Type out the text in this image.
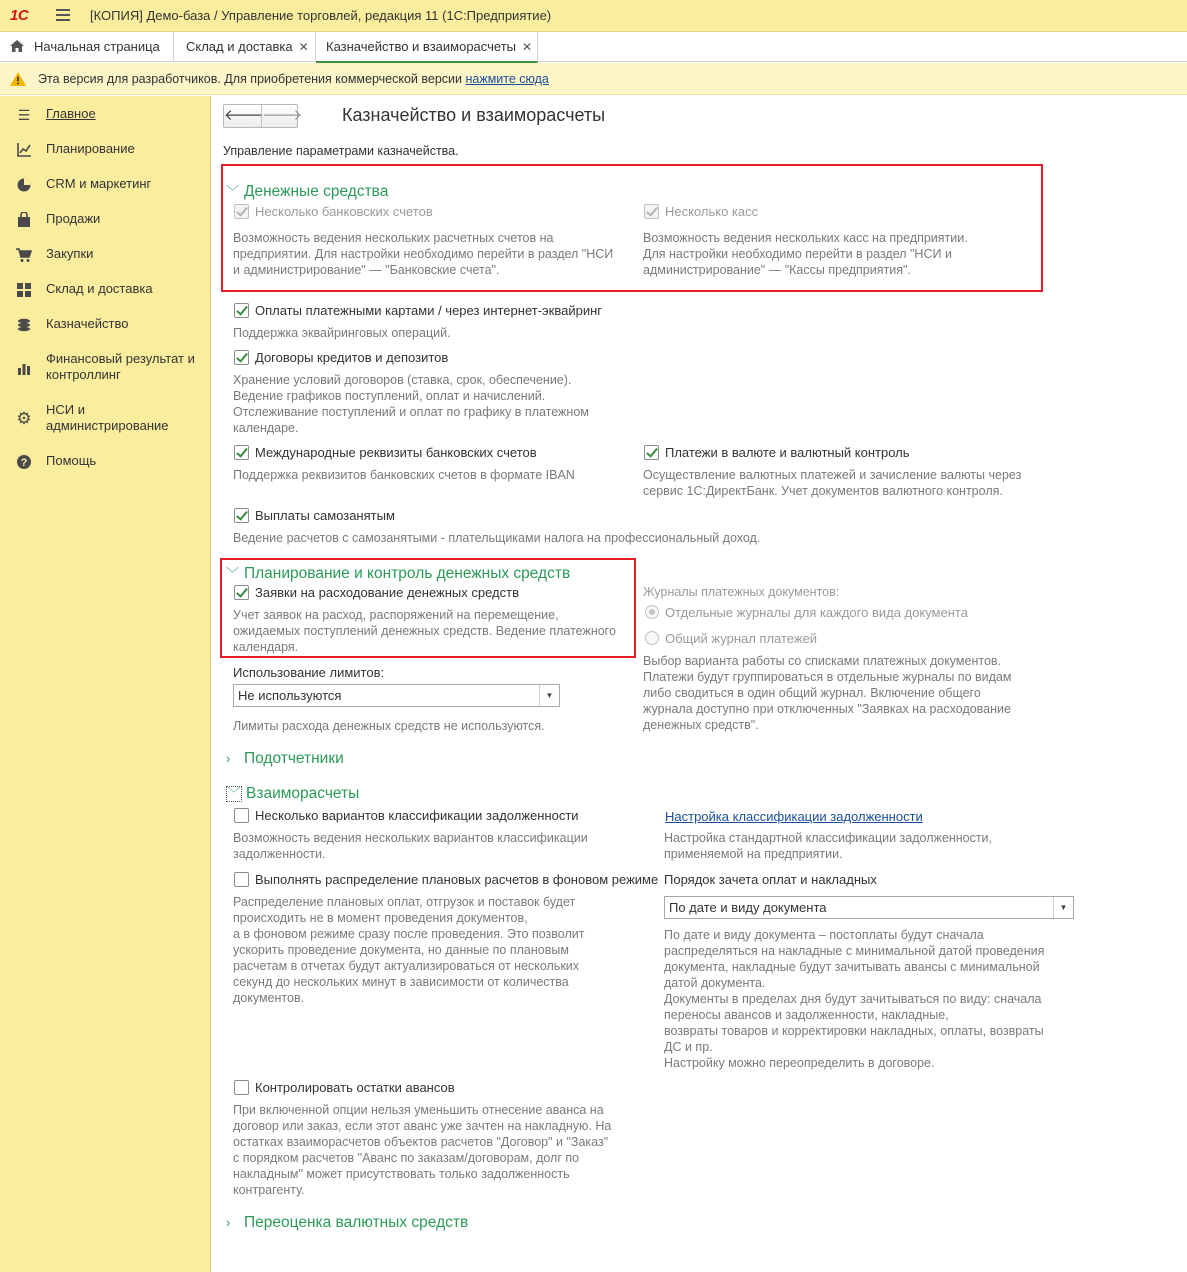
1С	[КОПИЯ] Демо-база / Управление торговлей, редакция 11 (1С:Предприятие)
Начальная страница	Склад и доставка ✕	Казначейство и взаиморасчеты ✕
Эта версия для разработчиков. Для приобретения коммерческой версии нажмите сюда
☰ Главное
Планирование
CRM и маркетинг
Продажи
Закупки
Склад и доставка
Казначейство
Финансовый результат и контроллинг
⚙ НСИ и администрирование
? Помощь
🡐
🡒 Казначейство и взаиморасчеты
Управление параметрами казначейства.
﹀ Денежные средства
Несколько банковских счетов
Возможность ведения нескольких расчетных счетов на
предприятии. Для настройки необходимо перейти в раздел "НСИ
и администрирование" — "Банковские счета".
Несколько касс
Возможность ведения нескольких касс на предприятии.
Для настройки необходимо перейти в раздел "НСИ и
администрирование" — "Кассы предприятия".
Оплаты платежными картами / через интернет-эквайринг
Поддержка эквайринговых операций.
Договоры кредитов и депозитов
Хранение условий договоров (ставка, срок, обеспечение).
Ведение графиков поступлений, оплат и начислений.
Отслеживание поступлений и оплат по графику в платежном
календаре.
Международные реквизиты банковских счетов
Поддержка реквизитов банковских счетов в формате IBAN
Платежи в валюте и валютный контроль
Осуществление валютных платежей и зачисление валюты через
сервис 1С:ДиректБанк. Учет документов валютного контроля.
Выплаты самозанятым
Ведение расчетов с самозанятыми - плательщиками налога на профессиональный доход.
﹀ Планирование и контроль денежных средств
Заявки на расходование денежных средств
Учет заявок на расход, распоряжений на перемещение,
ожидаемых поступлений денежных средств. Ведение платежного
календаря.
Журналы платежных документов:
Отдельные журналы для каждого вида документа
Общий журнал платежей
Выбор варианта работы со списками платежных документов.
Платежи будут группироваться в отдельные журналы по видам
либо сводиться в один общий журнал. Включение общего
журнала доступно при отключенных "Заявках на расходование
денежных средств".
Использование лимитов:
Не используются	▼
Лимиты расхода денежных средств не используются.
› Подотчетники
﹀ Взаиморасчеты
Несколько вариантов классификации задолженности
Возможность ведения нескольких вариантов классификации
задолженности.
Настройка классификации задолженности
Настройка стандартной классификации задолженности,
применяемой на предприятии.
Выполнять распределение плановых расчетов в фоновом режиме
Распределение плановых оплат, отгрузок и поставок будет
происходить не в момент проведения документов,
а в фоновом режиме сразу после проведения. Это позволит
ускорить проведение документа, но данные по плановым
расчетам в отчетах будут актуализироваться от нескольких
секунд до нескольких минут в зависимости от количества
документов.
Порядок зачета оплат и накладных
По дате и виду документа	▼
По дате и виду документа – постоплаты будут сначала
распределяться на накладные с минимальной датой проведения
документа, накладные будут зачитывать авансы с минимальной
датой документа.
Документы в пределах дня будут зачитываться по виду: сначала
переносы авансов и задолженности, накладные,
возвраты товаров и корректировки накладных, оплаты, возвраты
ДС и пр.
Настройку можно переопределить в договоре.
Контролировать остатки авансов
При включенной опции нельзя уменьшить отнесение аванса на
договор или заказ, если этот аванс уже зачтен на накладную. На
остатках взаиморасчетов объектов расчетов "Договор" и "Заказ"
с порядком расчетов "Аванс по заказам/договорам, долг по
накладным" может присутствовать только задолженность
контрагенту.
› Переоценка валютных средств
